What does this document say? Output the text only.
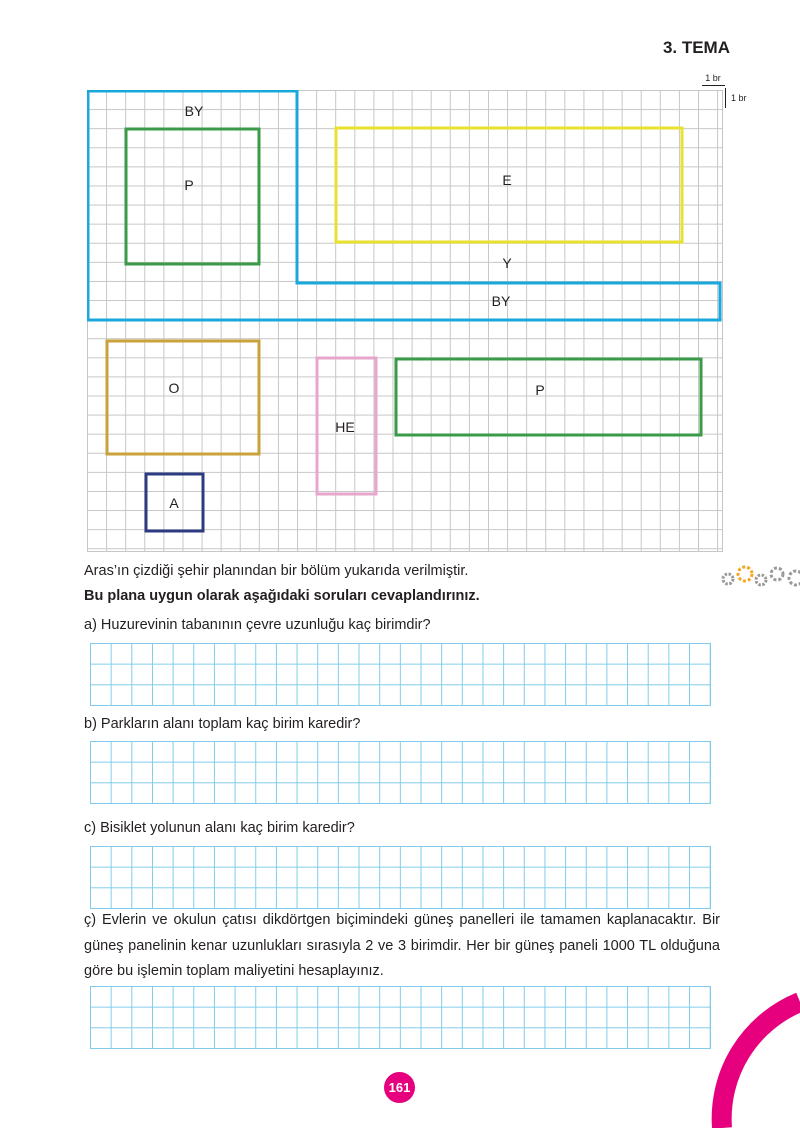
3. TEMA
1 br
1 br
BY
P	E
Y
BY
O
HE
P
A
Aras’ın çizdiği şehir planından bir bölüm yukarıda verilmiştir.
Bu plana uygun olarak aşağıdaki soruları cevaplandırınız.
a) Huzurevinin tabanının çevre uzunluğu kaç birimdir?
b) Parkların alanı toplam kaç birim karedir?
c) Bisiklet yolunun alanı kaç birim karedir?
ç) Evlerin ve okulun çatısı dikdörtgen biçimindeki güneş panelleri ile tamamen kaplanacaktır. Bir güneş panelinin kenar uzunlukları sırasıyla 2 ve 3 birimdir. Her bir güneş paneli 1000 TL olduğuna göre bu işlemin toplam maliyetini hesaplayınız.
161
